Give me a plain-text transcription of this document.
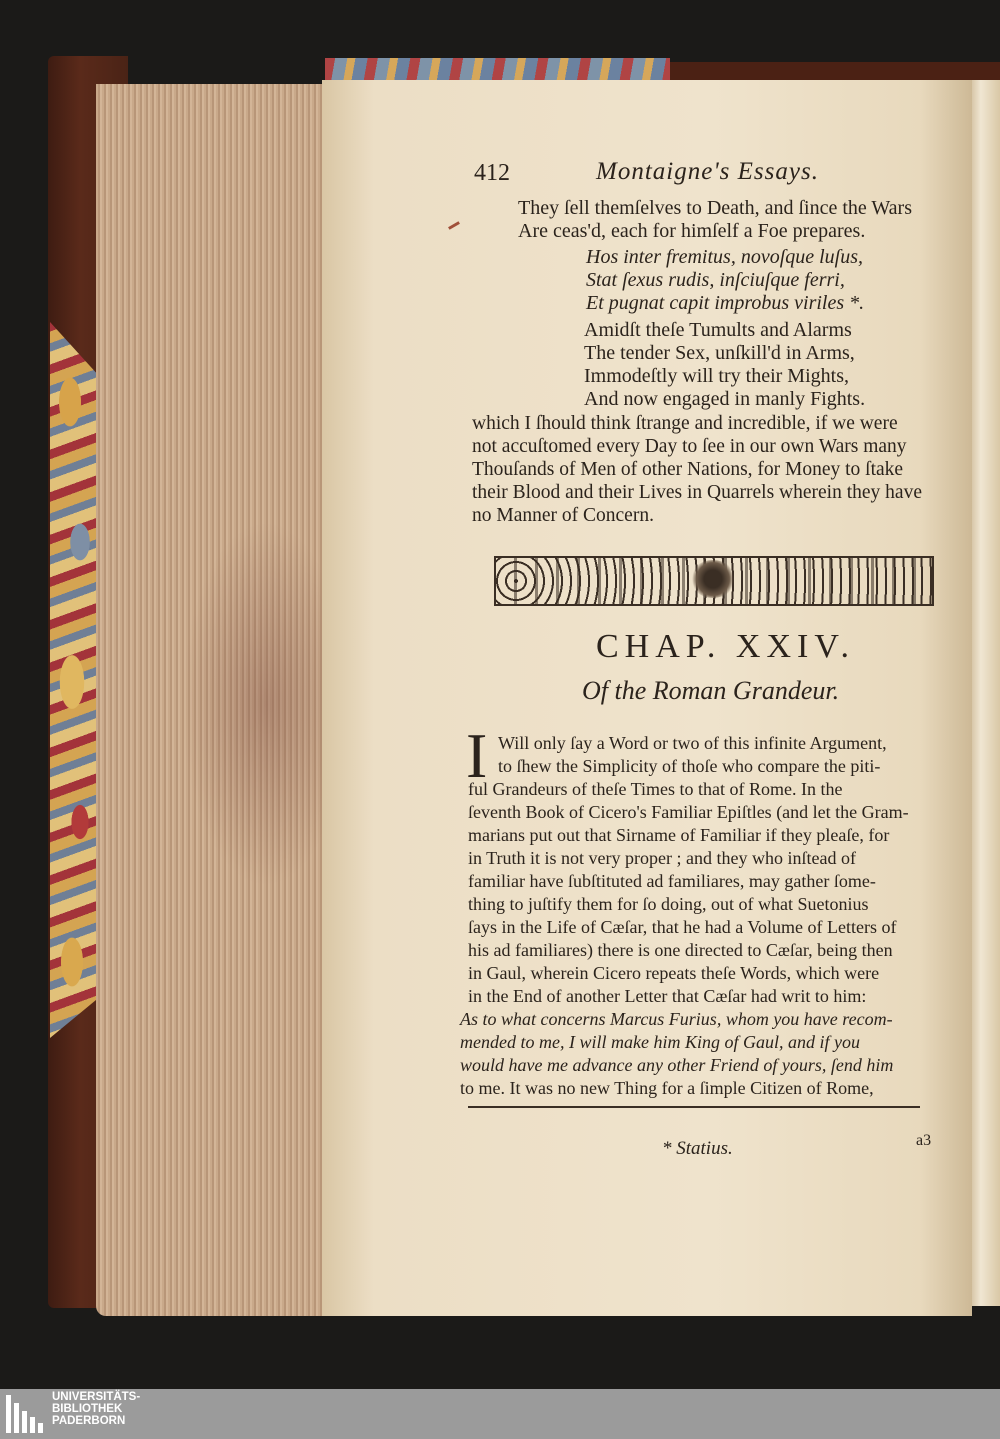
412	Montaigne's Essays.
They ſell themſelves to Death, and ſince the Wars
Are ceas'd, each for himſelf a Foe prepares.
Hos inter fremitus, novoſque luſus,
Stat ſexus rudis, inſciuſque ferri,
Et pugnat capit improbus viriles *.
Amidſt theſe Tumults and Alarms
The tender Sex, unſkill'd in Arms,
Immodeſtly will try their Mights,
And now engaged in manly Fights.
which I ſhould think ſtrange and incredible, if we were
not accuſtomed every Day to ſee in our own Wars many
Thouſands of Men of other Nations, for Money to ſtake
their Blood and their Lives in Quarrels wherein they have
no Manner of Concern.
CHAP. XXIV.
Of the Roman Grandeur.
I Will only ſay a Word or two of this infinite Argument,
to ſhew the Simplicity of thoſe who compare the piti-
ful Grandeurs of theſe Times to that of Rome. In the
ſeventh Book of Cicero's Familiar Epiſtles (and let the Gram-
marians put out that Sirname of Familiar if they pleaſe, for
in Truth it is not very proper ; and they who inſtead of
familiar have ſubſtituted ad familiares, may gather ſome-
thing to juſtify them for ſo doing, out of what Suetonius
ſays in the Life of Cæſar, that he had a Volume of Letters of
his ad familiares) there is one directed to Cæſar, being then
in Gaul, wherein Cicero repeats theſe Words, which were
in the End of another Letter that Cæſar had writ to him:
As to what concerns Marcus Furius, whom you have recom-
mended to me, I will make him King of Gaul, and if you
would have me advance any other Friend of yours, ſend him
to me. It was no new Thing for a ſimple Citizen of Rome,
* Statius.	a3
UNIVERSITÄTS-
BIBLIOTHEK
PADERBORN
